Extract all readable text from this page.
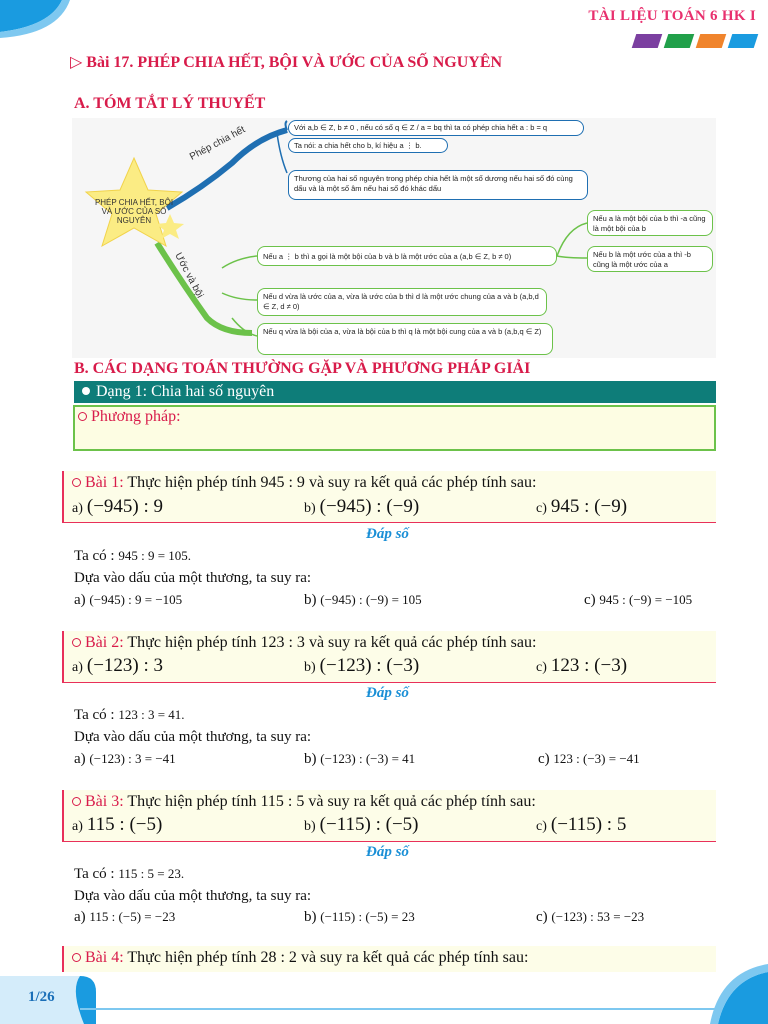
TÀI LIỆU TOÁN 6 HK I
▷ Bài 17. PHÉP CHIA HẾT, BỘI VÀ ƯỚC CỦA SỐ NGUYÊN
A. TÓM TẮT LÝ THUYẾT
PHÉP CHIA HẾT, BỘI VÀ ƯỚC CỦA SỐ NGUYÊN
Phép chia hết
Ước và bội
Với a,b ∈ Z, b ≠ 0 , nếu có số q ∈ Z / a = bq thì ta có phép chia hết a : b = q
Ta nói: a chia hết cho b, kí hiệu a ⋮ b.
Thương của hai số nguyên trong phép chia hết là một số dương nếu hai số đó cùng dấu và là một số âm nếu hai số đó khác dấu
Nếu a ⋮ b thì a gọi là một bội của b và b là một ước của a (a,b ∈ Z, b ≠ 0)
Nếu a là một bội của b thì -a cũng là một bội của b
Nếu b là một ước của a thì -b cũng là một ước của a
Nếu d vừa là ước của a, vừa là ước của b thì d là một ước chung của a và b (a,b,d ∈ Z, d ≠ 0)
Nếu q vừa là bội của a, vừa là bội của b thì q là một bội cung của a và b (a,b,q ∈ Z)
B. CÁC DẠNG TOÁN THƯỜNG GẶP VÀ PHƯƠNG PHÁP GIẢI
Dạng 1: Chia hai số nguyên
Phương pháp:
Bài 1: Thực hiện phép tính 945 : 9 và suy ra kết quả các phép tính sau:
a) (−945) : 9	b) (−945) : (−9)	c) 945 : (−9)
Đáp số
Ta có : 945 : 9 = 105.
Dựa vào dấu của một thương, ta suy ra:
a) (−945) : 9 = −105	b) (−945) : (−9) = 105	c) 945 : (−9) = −105
Bài 2: Thực hiện phép tính 123 : 3 và suy ra kết quả các phép tính sau:
a) (−123) : 3	b) (−123) : (−3)	c) 123 : (−3)
Đáp số
Ta có : 123 : 3 = 41.
Dựa vào dấu của một thương, ta suy ra:
a) (−123) : 3 = −41	b) (−123) : (−3) = 41	c) 123 : (−3) = −41
Bài 3: Thực hiện phép tính 115 : 5 và suy ra kết quả các phép tính sau:
a) 115 : (−5)	b) (−115) : (−5)	c) (−115) : 5
Đáp số
Ta có : 115 : 5 = 23.
Dựa vào dấu của một thương, ta suy ra:
a) 115 : (−5) = −23	b) (−115) : (−5) = 23	c) (−123) : 53 = −23
Bài 4: Thực hiện phép tính 28 : 2 và suy ra kết quả các phép tính sau:
1/26
